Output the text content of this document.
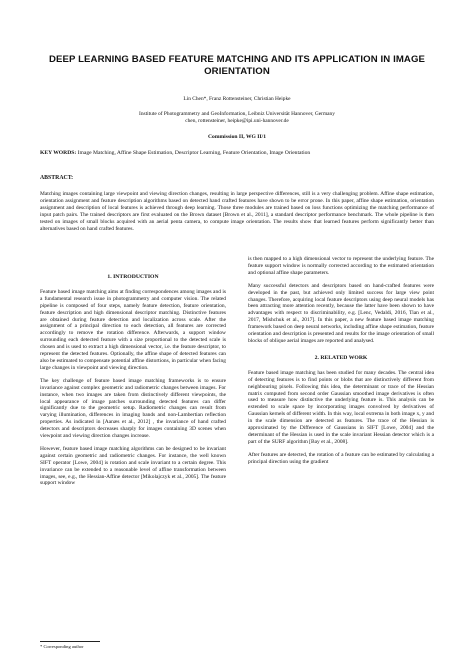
DEEP LEARNING BASED FEATURE MATCHING AND ITS APPLICATION IN IMAGE ORIENTATION
Lin Chen*, Franz Rottensteiner, Christian Heipke
Institute of Photogrammetry and GeoInformation, Leibniz Universität Hannover, Germany
chen, rottensteiner, heipke@ipi.uni-hannover.de
Commission II, WG II/1
KEY WORDS: Image Matching, Affine Shape Estimation, Descriptor Learning, Feature Orientation, Image Orientation
ABSTRACT:

Matching images containing large viewpoint and viewing direction changes, resulting in large perspective differences, still is a very challenging problem. Affine shape estimation, orientation assignment and feature description algorithms based on detected hand crafted features have shown to be error prone. In this paper, affine shape estimation, orientation assignment and description of local features is achieved through deep learning. Those three modules are trained based on loss functions optimizing the matching performance of input patch pairs. The trained descriptors are first evaluated on the Brown dataset [Brown et al., 2011], a standard descriptor performance benchmark. The whole pipeline is then tested on images of small blocks acquired with an aerial penta camera, to compute image orientation. The results show that learned features perform significantly better than alternatives based on hand crafted features.

1. INTRODUCTION

Feature based image matching aims at finding correspondences among images and is a fundamental research issue in photogrammetry and computer vision. The related pipeline is composed of four steps, namely feature detection, feature orientation, feature description and high dimensional descriptor matching. Distinctive features are obtained during feature detection and localization across scale. After the assignment of a principal direction to each detection, all features are corrected accordingly to remove the rotation difference. Afterwards, a support window surrounding each detected feature with a size proportional to the detected scale is chosen and is used to extract a high dimensional vector, i.e. the feature descriptor, to represent the detected features. Optionally, the affine shape of detected features can also be estimated to compensate potential affine distortions, in particular when facing large changes in viewpoint and viewing direction.

The key challenge of feature based image matching frameworks is to ensure invariance against complex geometric and radiometric changes between images. For instance, when two images are taken from distinctively different viewpoints, the local appearance of image patches surrounding detected features can differ significantly due to the geometric setup. Radiometric changes can result from varying illumination, differences in imaging bands and non-Lambertian reflection properties. As indicated in [Aanæs et al., 2012] , the invariance of hand crafted detectors and descriptors decreases sharply for images containing 3D scenes when viewpoint and viewing direction changes increase.

However, feature based image matching algorithms can be designed to be invariant against certain geometric and radiometric changes. For instance, the well known SIFT operator [Lowe, 2004] is rotation and scale invariant to a certain degree. This invariance can be extended to a reasonable level of affine transformation between images, see, e.g., the Hessian-Affine detector [Mikolajczyk et al., 2005]. The feature support window

is then mapped to a high dimensional vector to represent the underlying feature. The feature support window is normally corrected according to the estimated orientation and optional affine shape parameters.

Many successful detectors and descriptors based on hand-crafted features were developed in the past, but achieved only limited success for large view point changes. Therefore, acquiring local feature descriptors using deep neural models has been attracting more attention recently, because the latter have been shown to have advantages with respect to discriminability, e.g. [Lenc, Vedaldi, 2016, Tian et al., 2017, Mishchuk et al., 2017]. In this paper, a new feature based image matching framework based on deep neural networks, including affine shape estimation, feature orientation and description is presented and results for the image orientation of small blocks of oblique aerial images are reported and analysed.

2. RELATED WORK

Feature based image matching has been studied for many decades. The central idea of detecting features is to find points or blobs that are distinctively different from neighbouring pixels. Following this idea, the determinant or trace of the Hessian matrix computed from second order Gaussian smoothed image derivatives is often used to measure how distinctive the underlying feature is. This analysis can be extended to scale space by incorporating images convolved by derivatives of Gaussian kernels of different width. In this way, local extrema in both image x, y and in the scale dimension are detected as features. The trace of the Hessian is approximated by the Difference of Gaussians in SIFT [Lowe, 2004] and the determinant of the Hessian is used in the scale invariant Hessian detector which is a part of the SURF algorithm [Bay et al., 2008].

After features are detected, the rotation of a feature can be estimated by calculating a principal direction using the gradient

* Corresponding author
